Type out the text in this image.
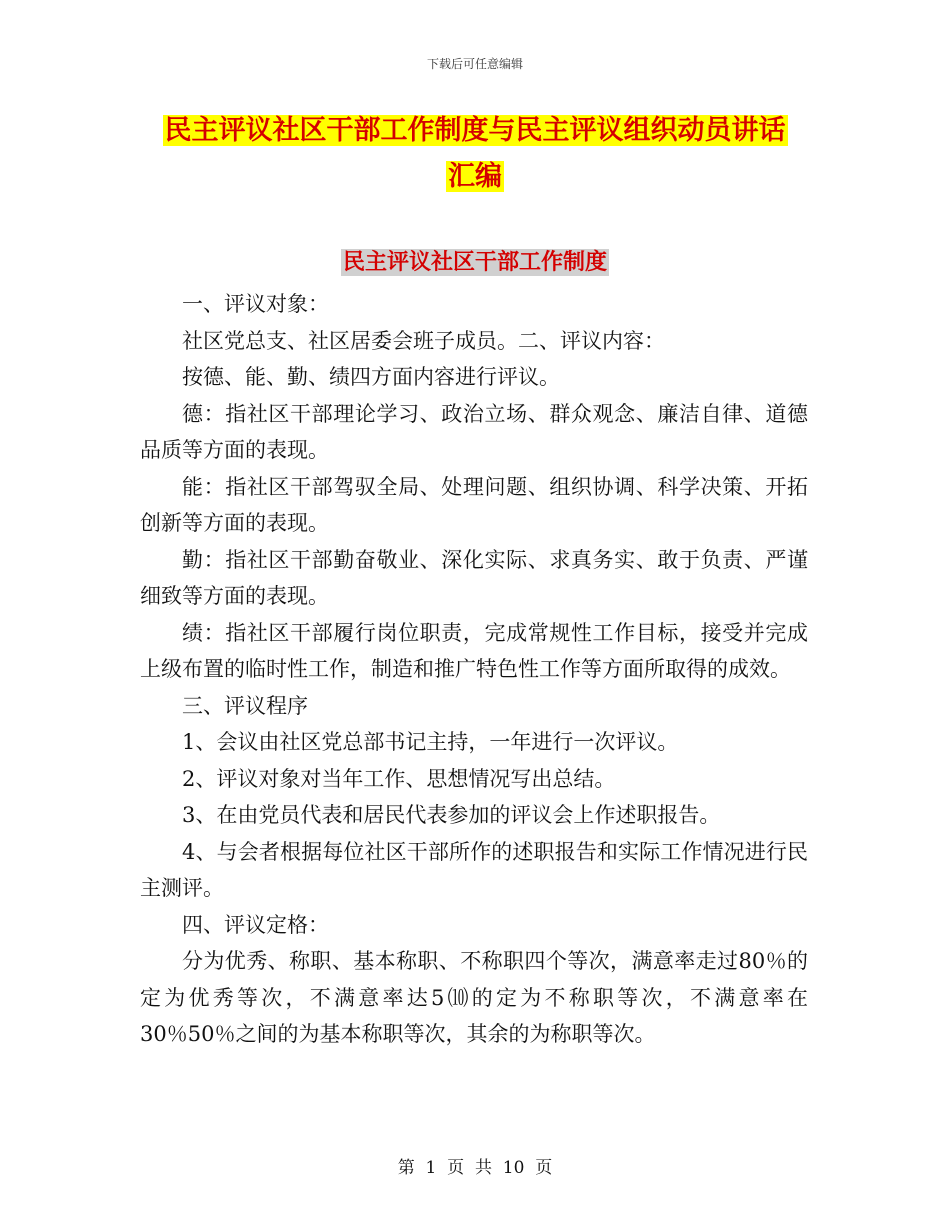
下载后可任意编辑
民主评议社区干部工作制度与民主评议组织动员讲话
汇编
民主评议社区干部工作制度

一、评议对象：

社区党总支、社区居委会班子成员。二、评议内容：

按德、能、勤、绩四方面内容进行评议。

德：指社区干部理论学习、政治立场、群众观念、廉洁自律、道德品质等方面的表现。

能：指社区干部驾驭全局、处理问题、组织协调、科学决策、开拓创新等方面的表现。

勤：指社区干部勤奋敬业、深化实际、求真务实、敢于负责、严谨细致等方面的表现。

绩：指社区干部履行岗位职责，完成常规性工作目标，接受并完成上级布置的临时性工作，制造和推广特色性工作等方面所取得的成效。

三、评议程序

1、会议由社区党总部书记主持，一年进行一次评议。

2、评议对象对当年工作、思想情况写出总结。

3、在由党员代表和居民代表参加的评议会上作述职报告。

4、与会者根据每位社区干部所作的述职报告和实际工作情况进行民主测评。

四、评议定格：

分为优秀、称职、基本称职、不称职四个等次，满意率走过80％的定为优秀等次，不满意率达5⑽的定为不称职等次，不满意率在30％50％之间的为基本称职等次，其余的为称职等次。

第  1  页  共  10  页
